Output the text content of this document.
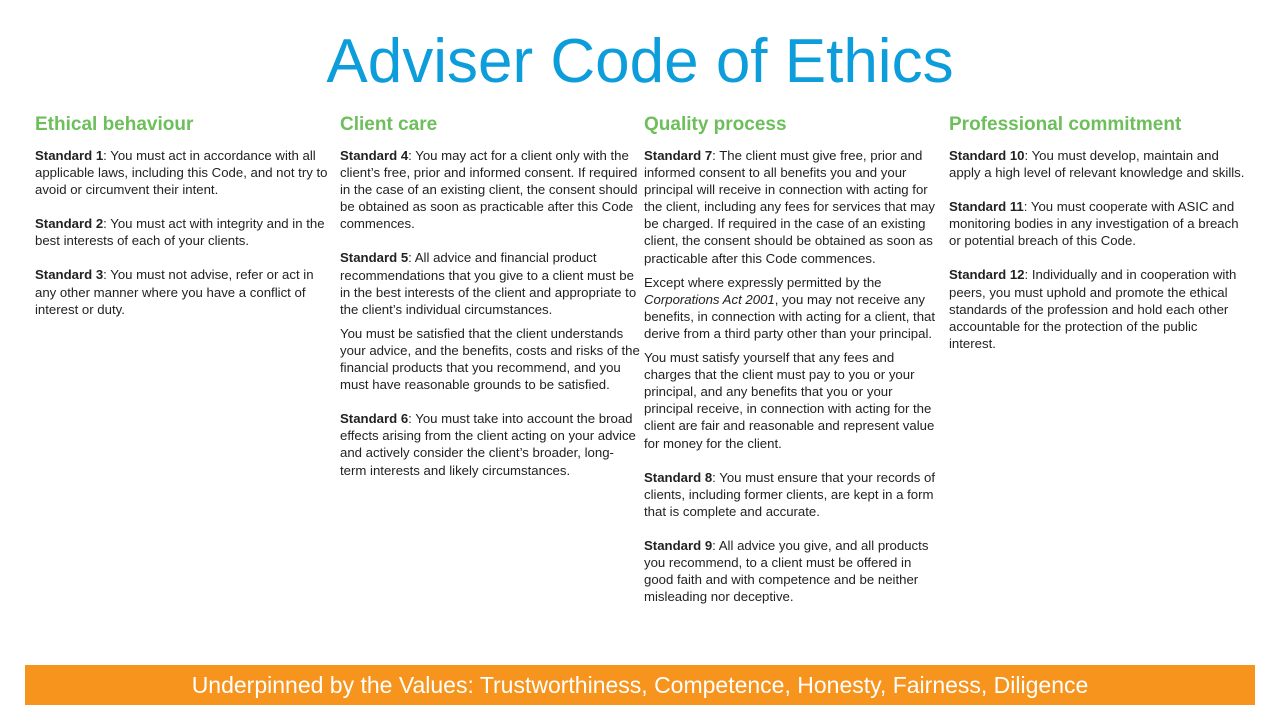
Adviser Code of Ethics
Ethical behaviour

Standard 1: You must act in accordance with all applicable laws, including this Code, and not try to avoid or circumvent their intent.

Standard 2: You must act with integrity and in the best interests of each of your clients.

Standard 3: You must not advise, refer or act in any other manner where you have a conflict of interest or duty.

Client care

Standard 4: You may act for a client only with the client’s free, prior and informed consent. If required in the case of an existing client, the consent should be obtained as soon as practicable after this Code commences.

Standard 5: All advice and financial product recommendations that you give to a client must be in the best interests of the client and appropriate to the client’s individual circumstances.

You must be satisfied that the client understands your advice, and the benefits, costs and risks of the financial products that you recommend, and you must have reasonable grounds to be satisfied.

Standard 6: You must take into account the broad effects arising from the client acting on your advice and actively consider the client’s broader, long-term interests and likely circumstances.

Quality process

Standard 7: The client must give free, prior and informed consent to all benefits you and your principal will receive in connection with acting for the client, including any fees for services that may be charged. If required in the case of an existing client, the consent should be obtained as soon as practicable after this Code commences.

Except where expressly permitted by the Corporations Act 2001, you may not receive any benefits, in connection with acting for a client, that derive from a third party other than your principal.

You must satisfy yourself that any fees and charges that the client must pay to you or your principal, and any benefits that you or your principal receive, in connection with acting for the client are fair and reasonable and represent value for money for the client.

Standard 8: You must ensure that your records of clients, including former clients, are kept in a form that is complete and accurate.

Standard 9: All advice you give, and all products you recommend, to a client must be offered in good faith and with competence and be neither misleading nor deceptive.

Professional commitment

Standard 10: You must develop, maintain and apply a high level of relevant knowledge and skills.

Standard 11: You must cooperate with ASIC and monitoring bodies in any investigation of a breach or potential breach of this Code.

Standard 12: Individually and in cooperation with peers, you must uphold and promote the ethical standards of the profession and hold each other accountable for the protection of the public interest.

Underpinned by the Values: Trustworthiness, Competence, Honesty, Fairness, Diligence
